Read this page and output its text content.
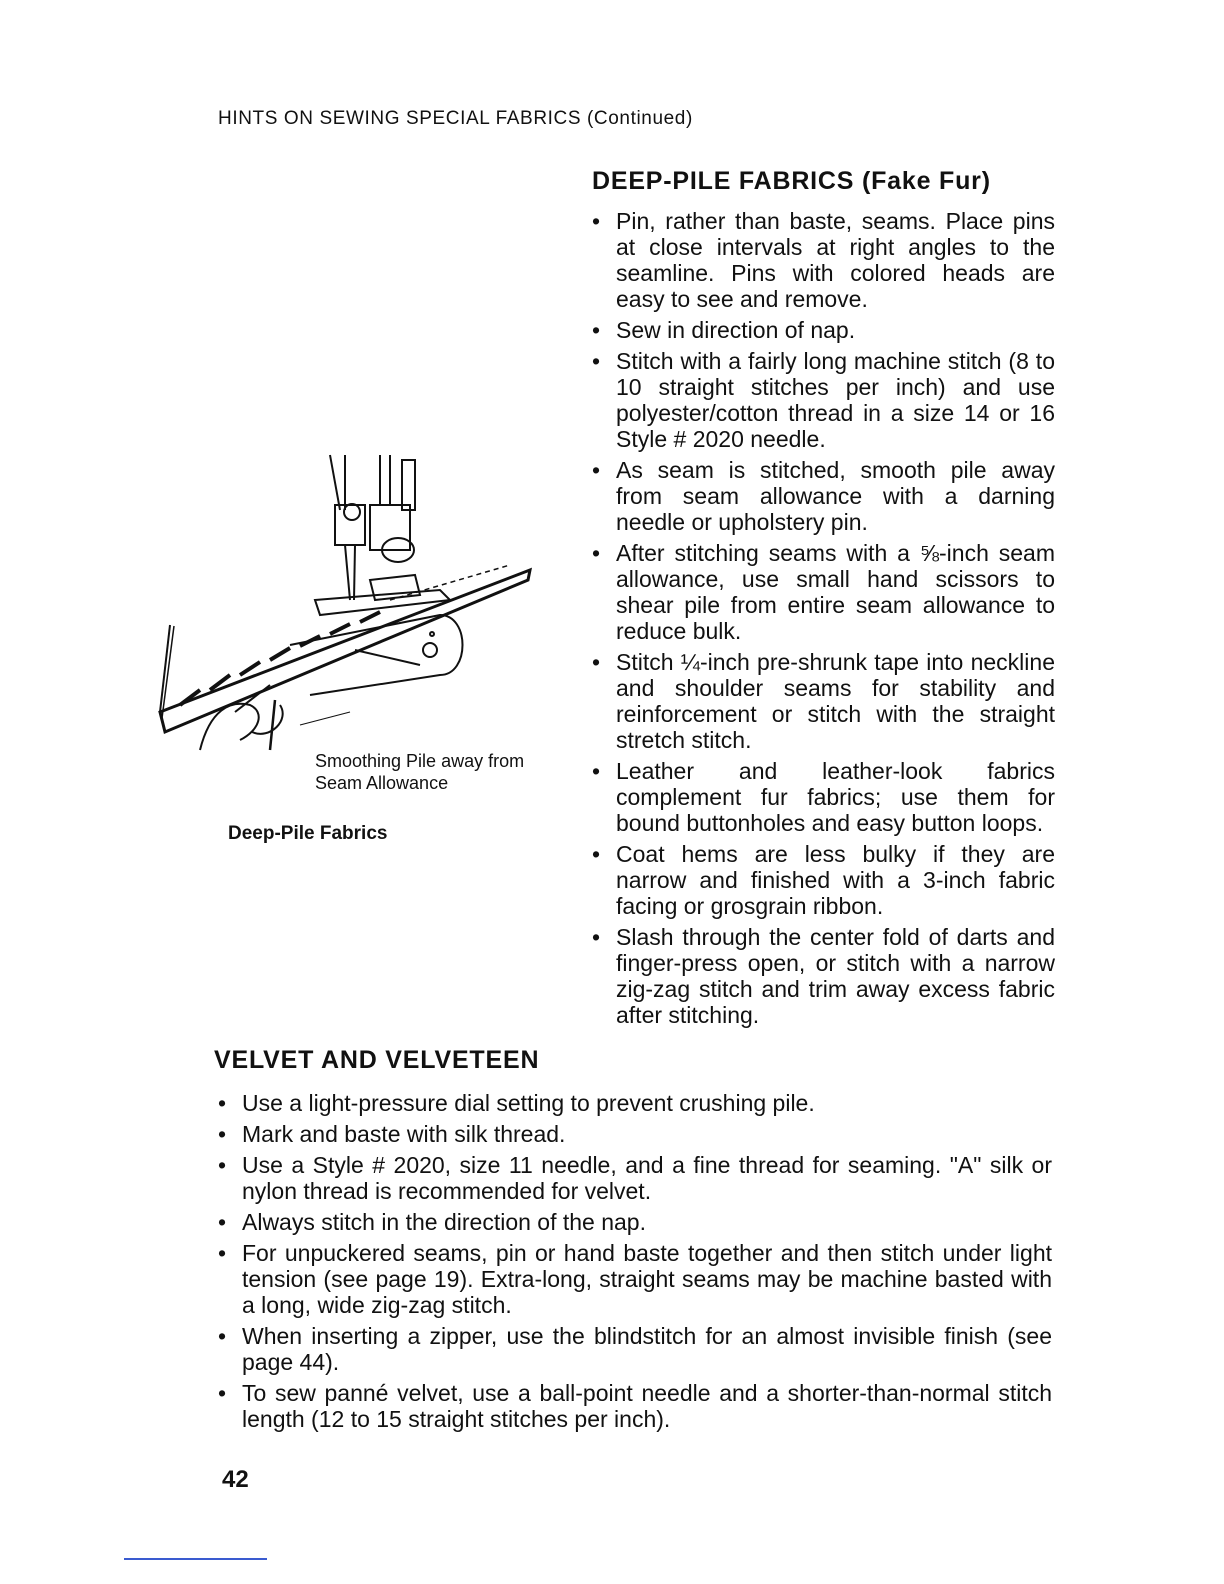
HINTS ON SEWING SPECIAL FABRICS (Continued)
DEEP-PILE FABRICS (Fake Fur)
• Pin, rather than baste, seams. Place pins at close intervals at right angles to the seamline. Pins with colored heads are easy to see and remove.
• Sew in direction of nap.
• Stitch with a fairly long machine stitch (8 to 10 straight stitches per inch) and use polyester/cotton thread in a size 14 or 16 Style # 2020 needle.
• As seam is stitched, smooth pile away from seam allowance with a darning needle or upholstery pin.
• After stitching seams with a ⅝-inch seam allowance, use small hand scissors to shear pile from entire seam allowance to reduce bulk.
• Stitch ¼-inch pre-shrunk tape into neckline and shoulder seams for stability and reinforcement or stitch with the straight stretch stitch.
• Leather and leather-look fabrics complement fur fabrics; use them for bound buttonholes and easy button loops.
• Coat hems are less bulky if they are narrow and finished with a 3-inch fabric facing or grosgrain ribbon.
• Slash through the center fold of darts and finger-press open, or stitch with a narrow zig-zag stitch and trim away excess fabric after stitching.
Smoothing Pile away from Seam Allowance
Deep-Pile Fabrics
VELVET AND VELVETEEN
• Use a light-pressure dial setting to prevent crushing pile.
• Mark and baste with silk thread.
• Use a Style # 2020, size 11 needle, and a fine thread for seaming. "A" silk or nylon thread is recommended for velvet.
• Always stitch in the direction of the nap.
• For unpuckered seams, pin or hand baste together and then stitch under light tension (see page 19). Extra-long, straight seams may be machine basted with a long, wide zig-zag stitch.
• When inserting a zipper, use the blindstitch for an almost invisible finish (see page 44).
• To sew panné velvet, use a ball-point needle and a shorter-than-normal stitch length (12 to 15 straight stitches per inch).
42
